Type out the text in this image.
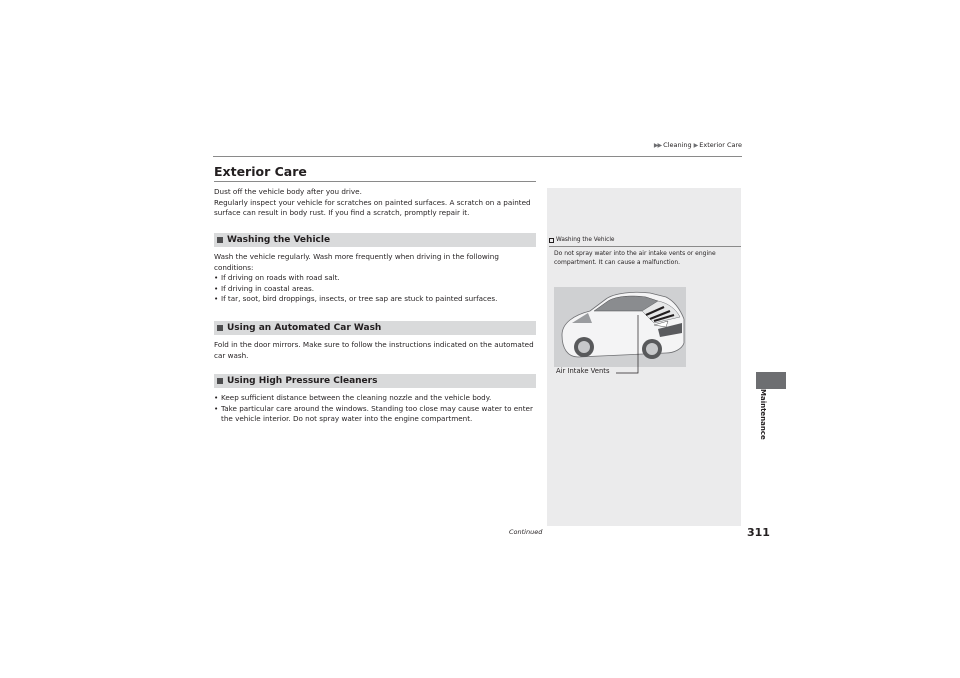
▶▶ Cleaning ▶ Exterior Care
Exterior Care
Dust off the vehicle body after you drive.
Regularly inspect your vehicle for scratches on painted surfaces. A scratch on a painted surface can result in body rust. If you find a scratch, promptly repair it.
Washing the Vehicle
Wash the vehicle regularly. Wash more frequently when driving in the following conditions:
• If driving on roads with road salt.
• If driving in coastal areas.
• If tar, soot, bird droppings, insects, or tree sap are stuck to painted surfaces.
Using an Automated Car Wash
Fold in the door mirrors. Make sure to follow the instructions indicated on the automated car wash.
Using High Pressure Cleaners
• Keep sufficient distance between the cleaning nozzle and the vehicle body.
• Take particular care around the windows. Standing too close may cause water to enter the vehicle interior. Do not spray water into the engine compartment.
Washing the Vehicle
Do not spray water into the air intake vents or engine compartment. It can cause a malfunction.
Air Intake Vents
Continued	311
Maintenance
